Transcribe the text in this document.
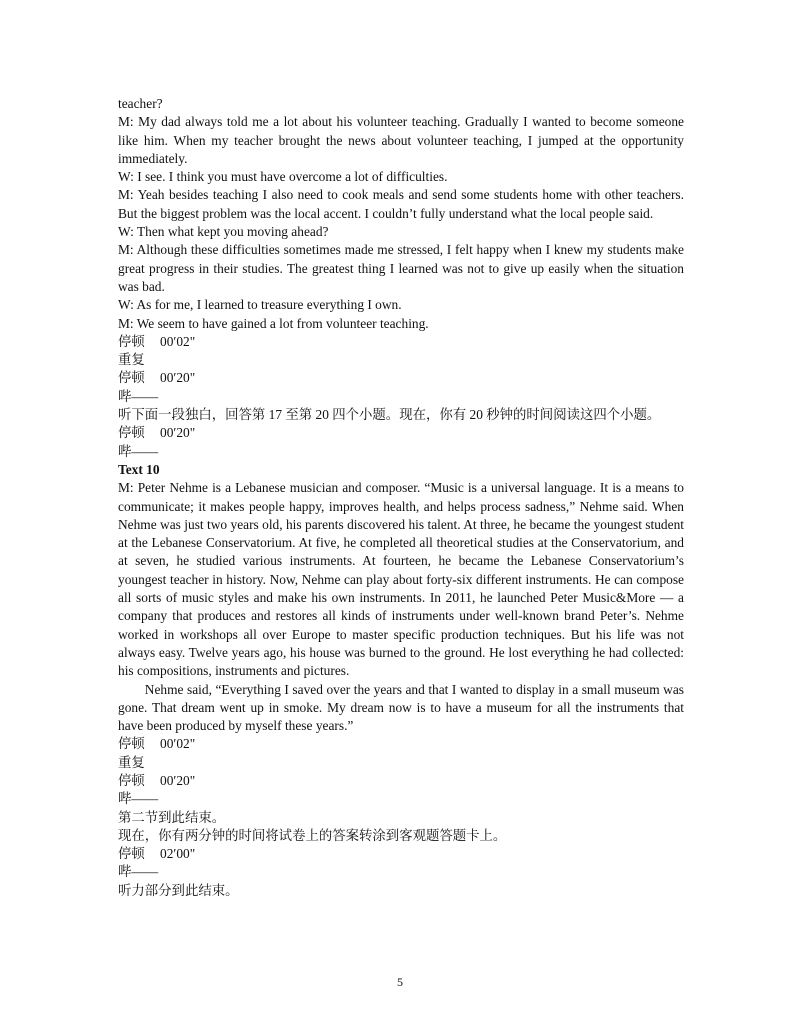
teacher?

M: My dad always told me a lot about his volunteer teaching. Gradually I wanted to become someone like him. When my teacher brought the news about volunteer teaching, I jumped at the opportunity immediately.

W: I see. I think you must have overcome a lot of difficulties.

M: Yeah besides teaching I also need to cook meals and send some students home with other teachers. But the biggest problem was the local accent. I couldn’t fully understand what the local people said.

W: Then what kept you moving ahead?

M: Although these difficulties sometimes made me stressed, I felt happy when I knew my students make great progress in their studies. The greatest thing I learned was not to give up easily when the situation was bad.

W: As for me, I learned to treasure everything I own.

M: We seem to have gained a lot from volunteer teaching.

停顿 00′02"

重复

停顿 00′20"

哔——

听下面一段独白，回答第 17 至第 20 四个小题。现在，你有 20 秒钟的时间阅读这四个小题。

停顿 00′20"

哔——

Text 10

M: Peter Nehme is a Lebanese musician and composer. “Music is a universal language. It is a means to communicate; it makes people happy, improves health, and helps process sadness,” Nehme said. When Nehme was just two years old, his parents discovered his talent. At three, he became the youngest student at the Lebanese Conservatorium. At five, he completed all theoretical studies at the Conservatorium, and at seven, he studied various instruments. At fourteen, he became the Lebanese Conservatorium’s youngest teacher in history. Now, Nehme can play about forty-six different instruments. He can compose all sorts of music styles and make his own instruments. In 2011, he launched Peter Music&More — a company that produces and restores all kinds of instruments under well-known brand Peter’s. Nehme worked in workshops all over Europe to master specific production techniques. But his life was not always easy. Twelve years ago, his house was burned to the ground. He lost everything he had collected: his compositions, instruments and pictures.

Nehme said, “Everything I saved over the years and that I wanted to display in a small museum was gone. That dream went up in smoke. My dream now is to have a museum for all the instruments that have been produced by myself these years.”

停顿 00′02"

重复

停顿 00′20"

哔——

第二节到此结束。

现在，你有两分钟的时间将试卷上的答案转涂到客观题答题卡上。

停顿 02′00"

哔——

听力部分到此结束。

5
